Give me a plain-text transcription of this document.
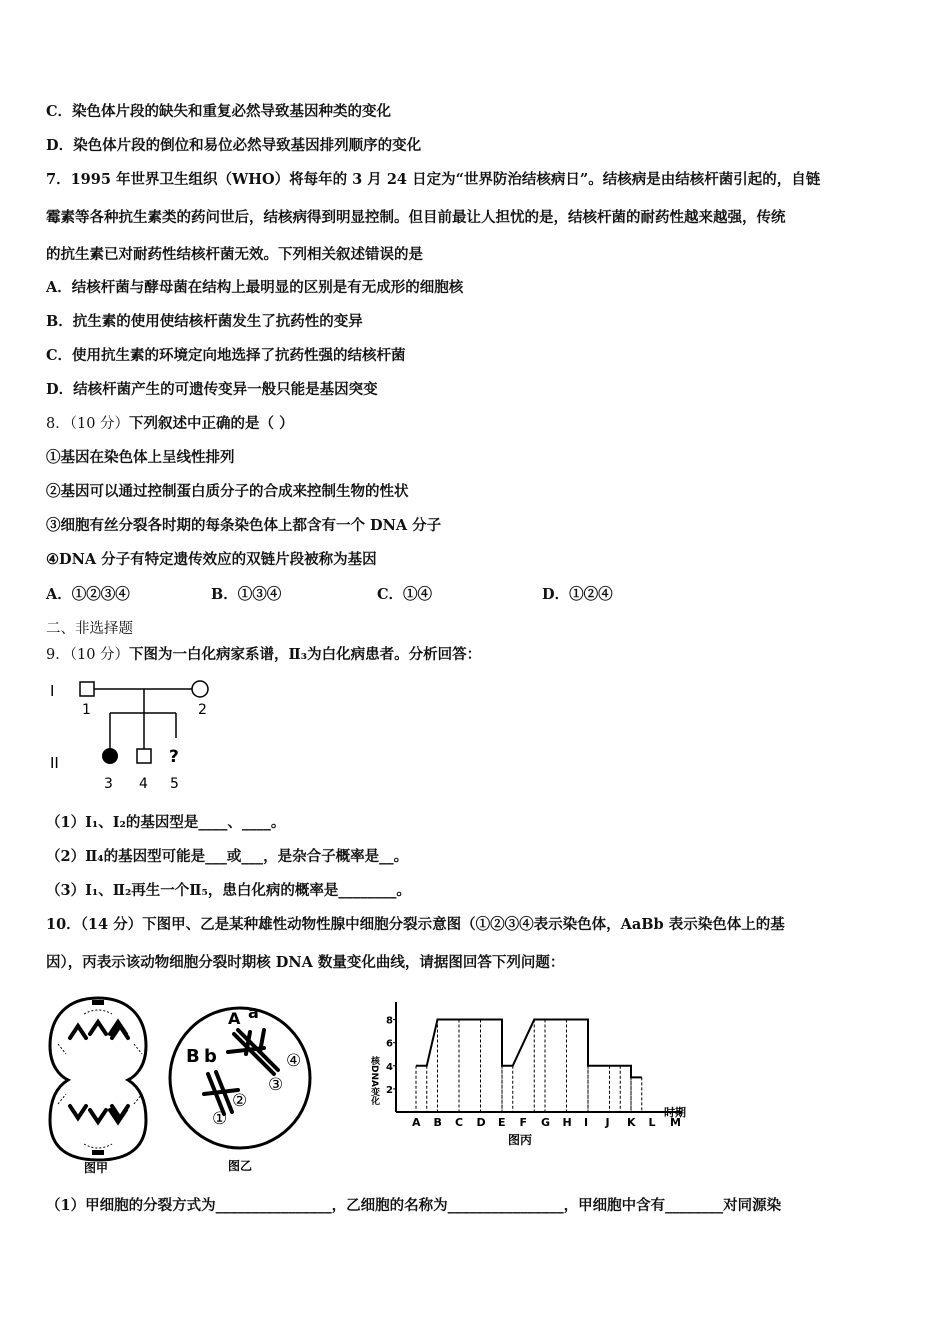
C．染色体片段的缺失和重复必然导致基因种类的变化
D．染色体片段的倒位和易位必然导致基因排列顺序的变化
7．1995 年世界卫生组织（WHO）将每年的 3 月 24 日定为“世界防治结核病日”。结核病是由结核杆菌引起的，自链
霉素等各种抗生素类的药问世后，结核病得到明显控制。但目前最让人担忧的是，结核杆菌的耐药性越来越强，传统
的抗生素已对耐药性结核杆菌无效。下列相关叙述错误的是
A．结核杆菌与酵母菌在结构上最明显的区别是有无成形的细胞核
B．抗生素的使用使结核杆菌发生了抗药性的变异
C．使用抗生素的环境定向地选择了抗药性强的结核杆菌
D．结核杆菌产生的可遗传变异一般只能是基因突变
8．（10 分）下列叙述中正确的是（ ）
①基因在染色体上呈线性排列
②基因可以通过控制蛋白质分子的合成来控制生物的性状
③细胞有丝分裂各时期的每条染色体上都含有一个 DNA 分子
④DNA 分子有特定遗传效应的双链片段被称为基因
A．①②③④	B．①③④	C．①④	D．①②④
二、非选择题
9．（10 分）下图为一白化病家系谱，Ⅱ₃为白化病患者。分析回答：
I
1	2
II	?
3 4 5
（1）Ⅰ₁、Ⅰ₂的基因型是____、____。
（2）Ⅱ₄的基因型可能是___或___，是杂合子概率是__。
（3）Ⅰ₁、Ⅱ₂再生一个Ⅱ₅，患白化病的概率是________。
10．（14 分）下图甲、乙是某种雄性动物性腺中细胞分裂示意图（①②③④表示染色体，AaBb 表示染色体上的基
因），丙表示该动物细胞分裂时期核 DNA 数量变化曲线，请据图回答下列问题：
图甲
A a
B b
①
②
③
④
图乙
核DNA变化
时期
图丙
A B C D E F G H I J K L M
2
4
6
8
（1）甲细胞的分裂方式为________________，乙细胞的名称为________________，甲细胞中含有________对同源染
